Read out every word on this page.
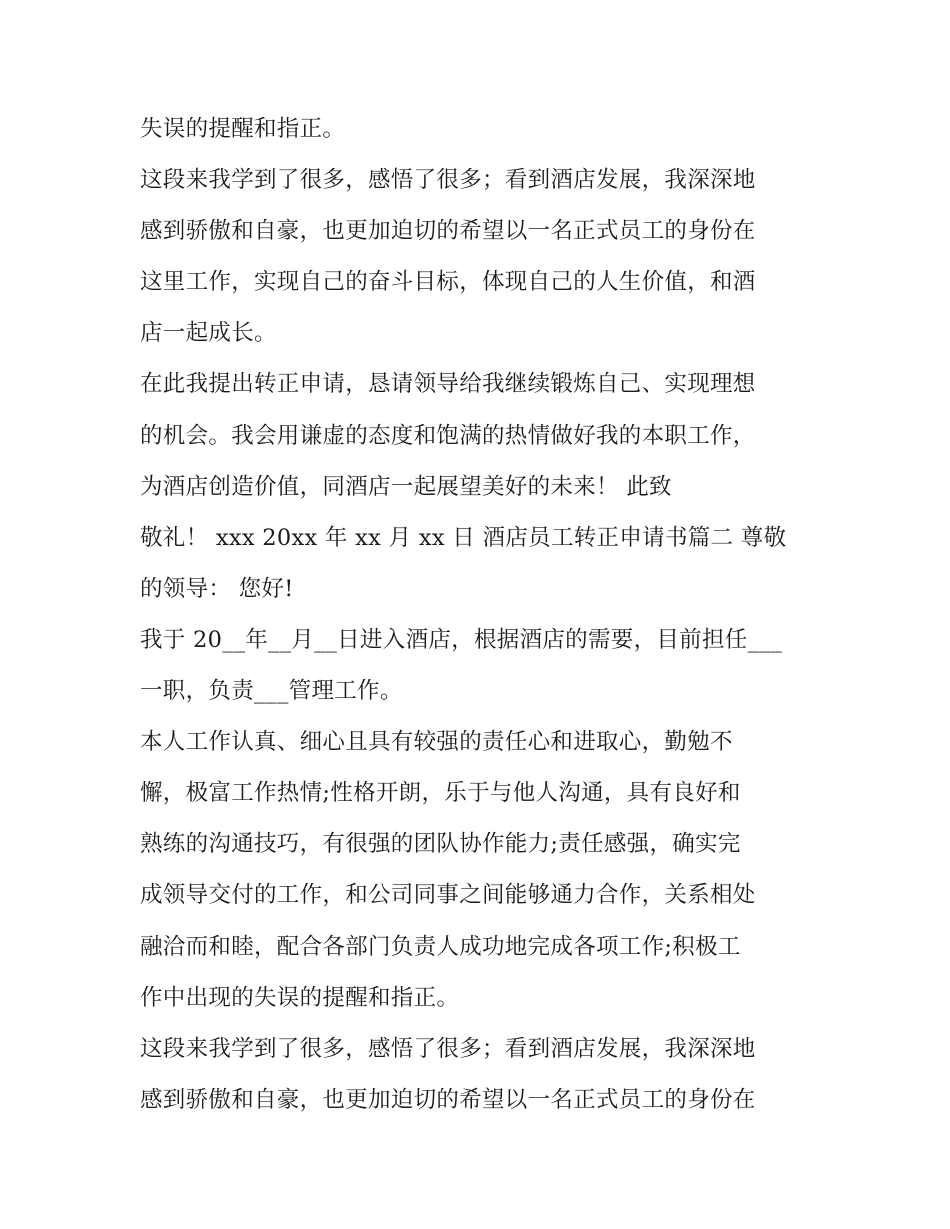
失误的提醒和指正。
这段来我学到了很多，感悟了很多；看到酒店发展，我深深地
感到骄傲和自豪，也更加迫切的希望以一名正式员工的身份在
这里工作，实现自己的奋斗目标，体现自己的人生价值，和酒
店一起成长。
在此我提出转正申请，恳请领导给我继续锻炼自己、实现理想
的机会。我会用谦虚的态度和饱满的热情做好我的本职工作，
为酒店创造价值，同酒店一起展望美好的未来！ 此致
敬礼！ xxx 20xx 年 xx 月 xx 日 酒店员工转正申请书篇二 尊敬
的领导： 您好!
我于 20__年__月__日进入酒店，根据酒店的需要，目前担任___
一职，负责___管理工作。
本人工作认真、细心且具有较强的责任心和进取心，勤勉不
懈，极富工作热情;性格开朗，乐于与他人沟通，具有良好和
熟练的沟通技巧，有很强的团队协作能力;责任感强，确实完
成领导交付的工作，和公司同事之间能够通力合作，关系相处
融洽而和睦，配合各部门负责人成功地完成各项工作;积极工
作中出现的失误的提醒和指正。
这段来我学到了很多，感悟了很多；看到酒店发展，我深深地
感到骄傲和自豪，也更加迫切的希望以一名正式员工的身份在
